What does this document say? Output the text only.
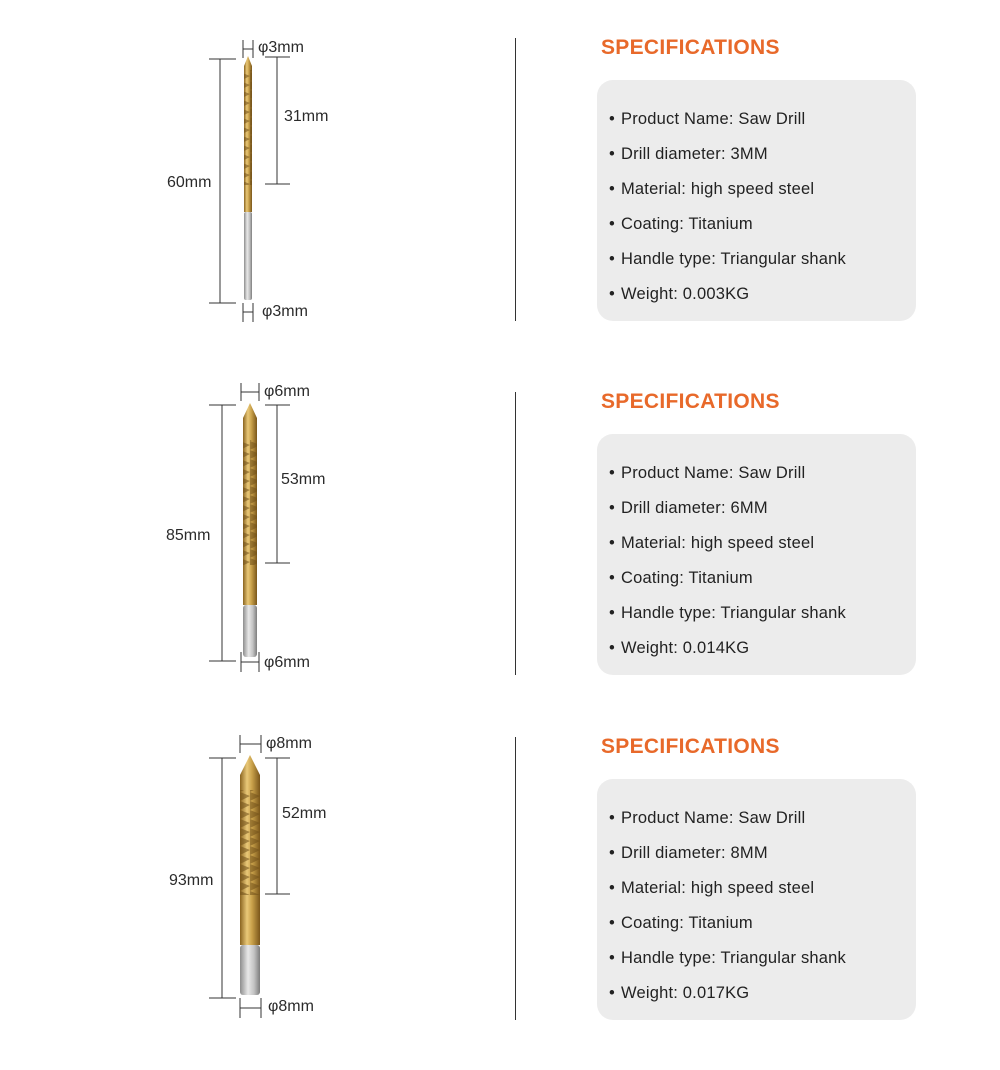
φ3mm
31mm
60mm
φ3mm
φ6mm
53mm
85mm
φ6mm
φ8mm
52mm
93mm
φ8mm
SPECIFICATIONS
• Product Name: Saw Drill
• Drill diameter: 3MM
• Material: high speed steel
• Coating: Titanium
• Handle type: Triangular shank
• Weight: 0.003KG
SPECIFICATIONS
• Product Name: Saw Drill
• Drill diameter: 6MM
• Material: high speed steel
• Coating: Titanium
• Handle type: Triangular shank
• Weight: 0.014KG
SPECIFICATIONS
• Product Name: Saw Drill
• Drill diameter: 8MM
• Material: high speed steel
• Coating: Titanium
• Handle type: Triangular shank
• Weight: 0.017KG
